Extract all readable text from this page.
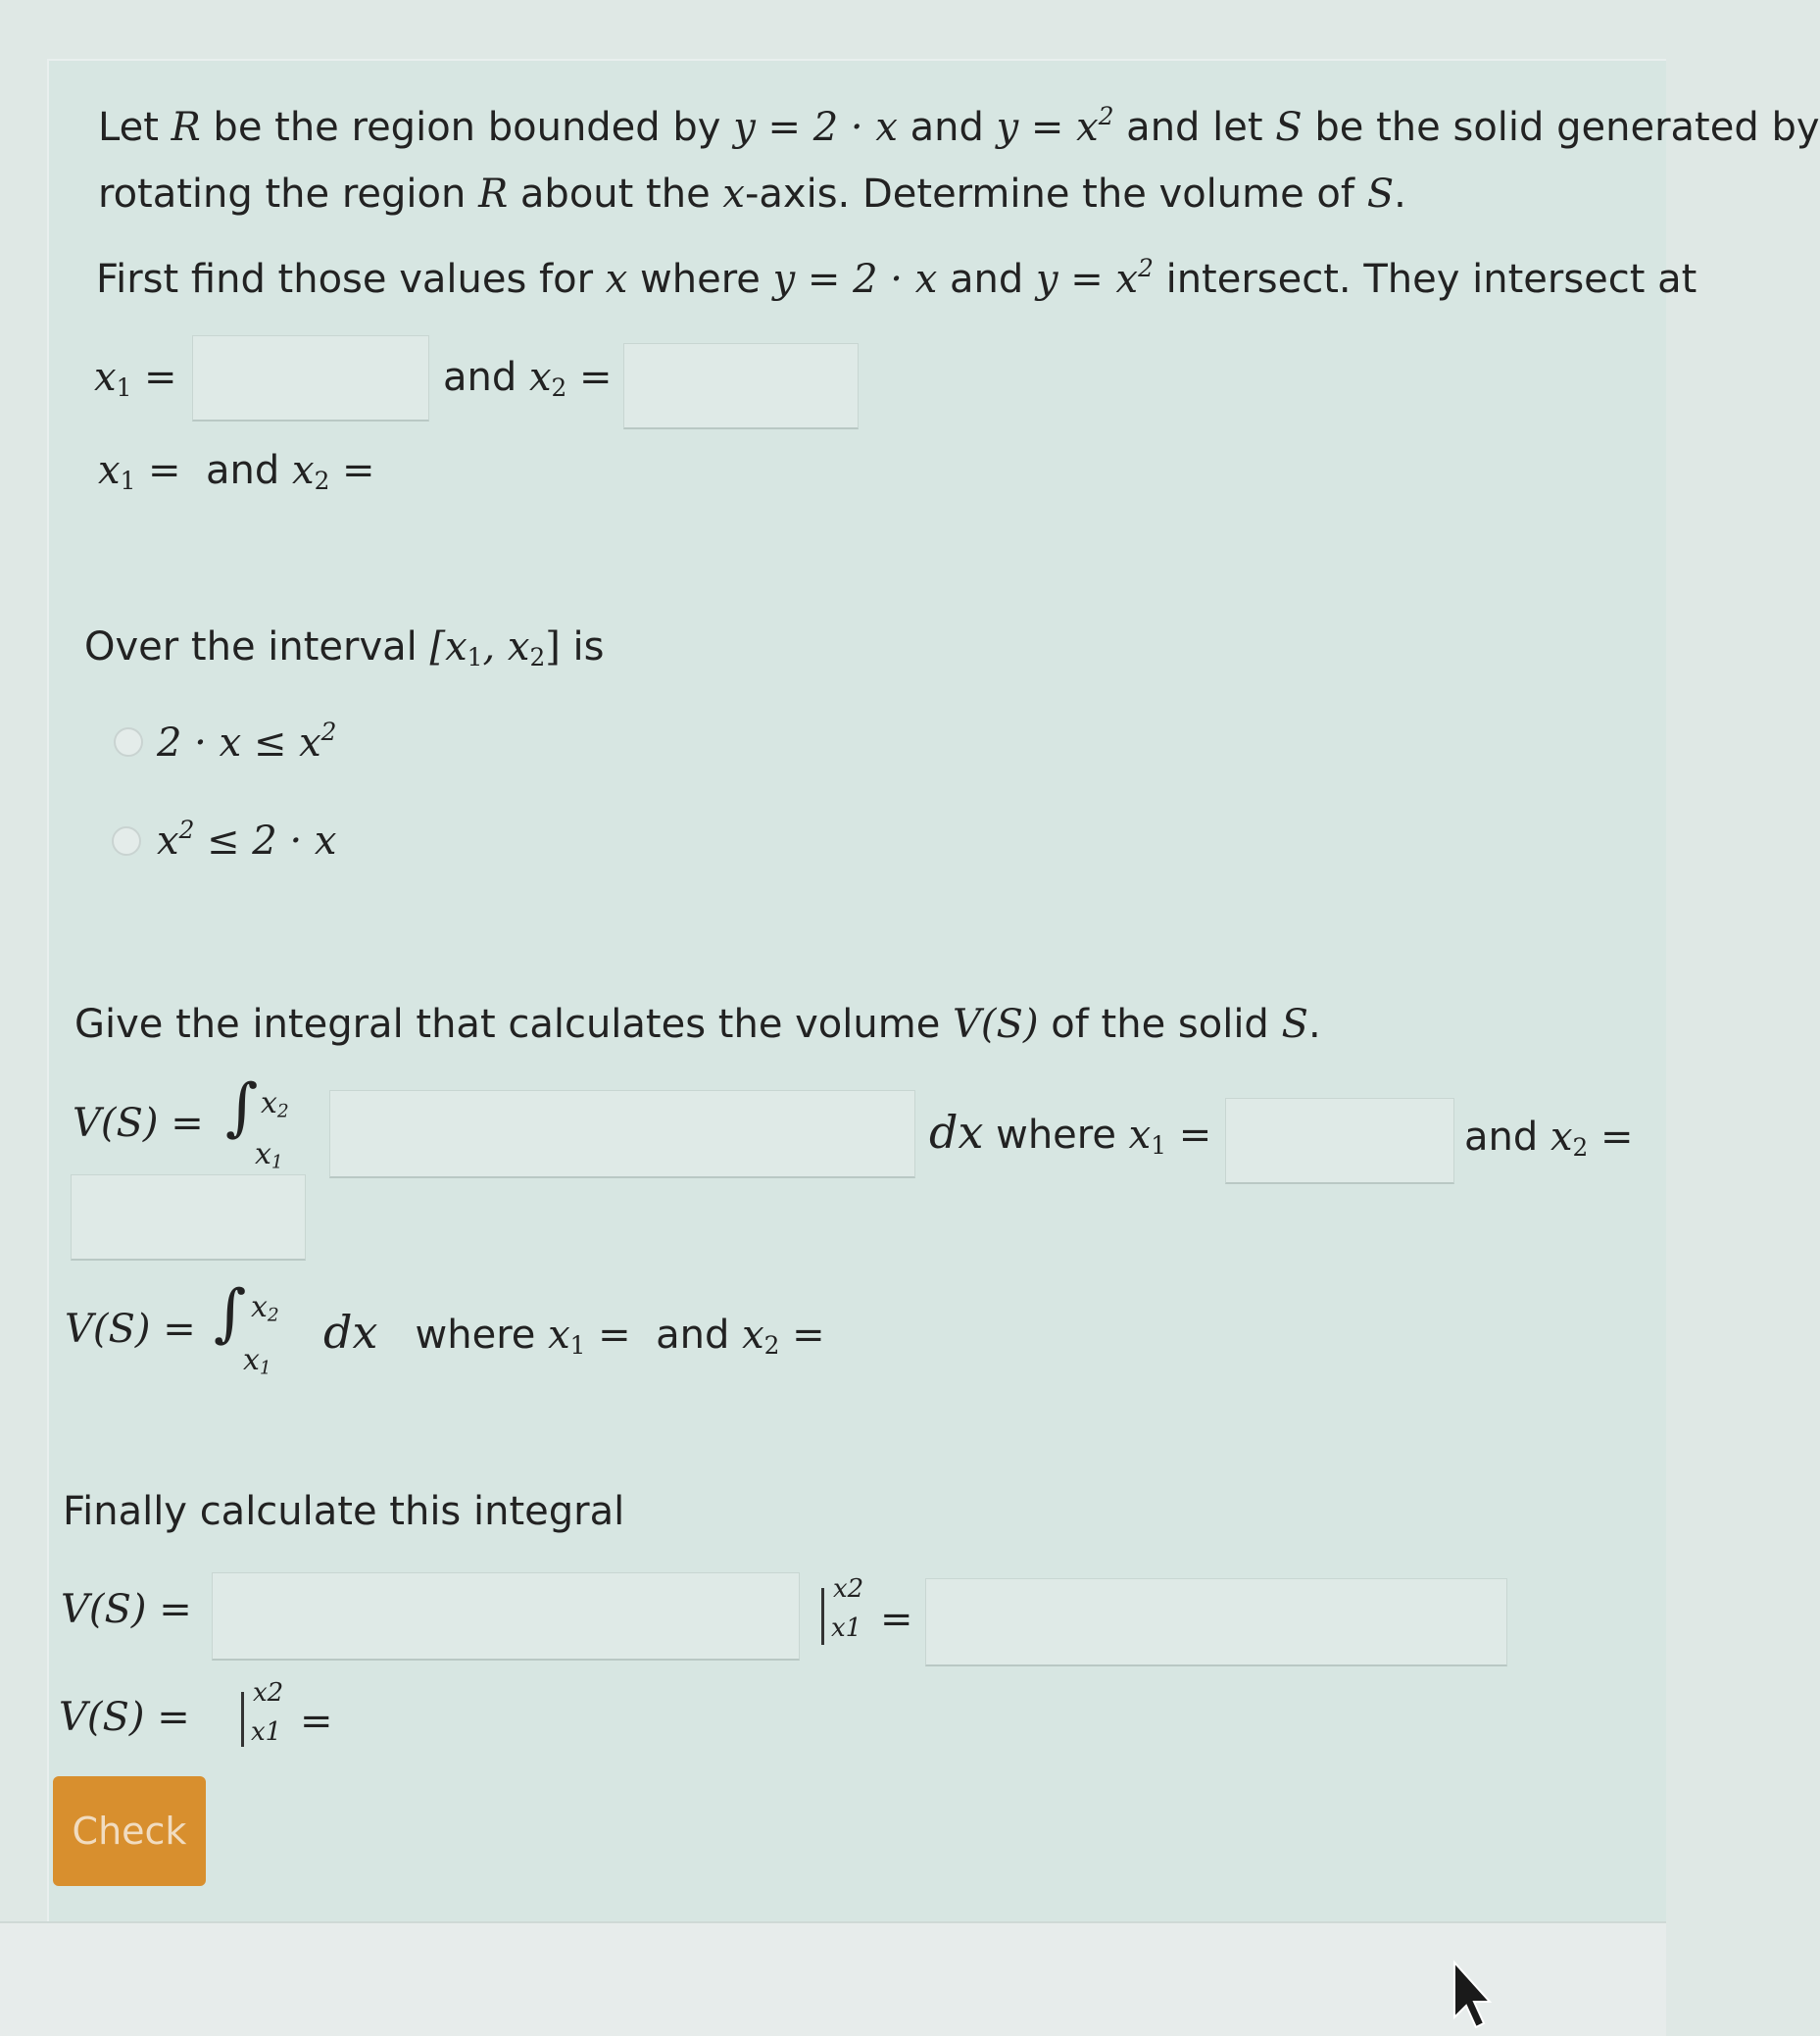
Let R be the region bounded by y = 2 · x and $y = x^2$ and let S be the solid generated by
rotating the region R about the x-axis. Determine the volume of S.
First find those values for x where y = 2 · x and $y = x^2$ intersect. They intersect at
$x_1$ =	and $x_2$ =
$x_1$ = and $x_2$ =
Over the interval [$x_1$, $x_2$] is
$2 \cdot x \le x^2$
$x^2 \le 2 \cdot x$
Give the integral that calculates the volume V(S) of the solid S.
V(S) = ∫ $x_2$
$x_1$
dx where $x_1$ =	and $x_2$ =
V(S) = ∫ $x_2$
$x_1$
dx   where $x_1$ = and $x_2$ =
Finally calculate this integral
V(S) =	x2
x1 =
V(S) =
x2
x1 =
Check
